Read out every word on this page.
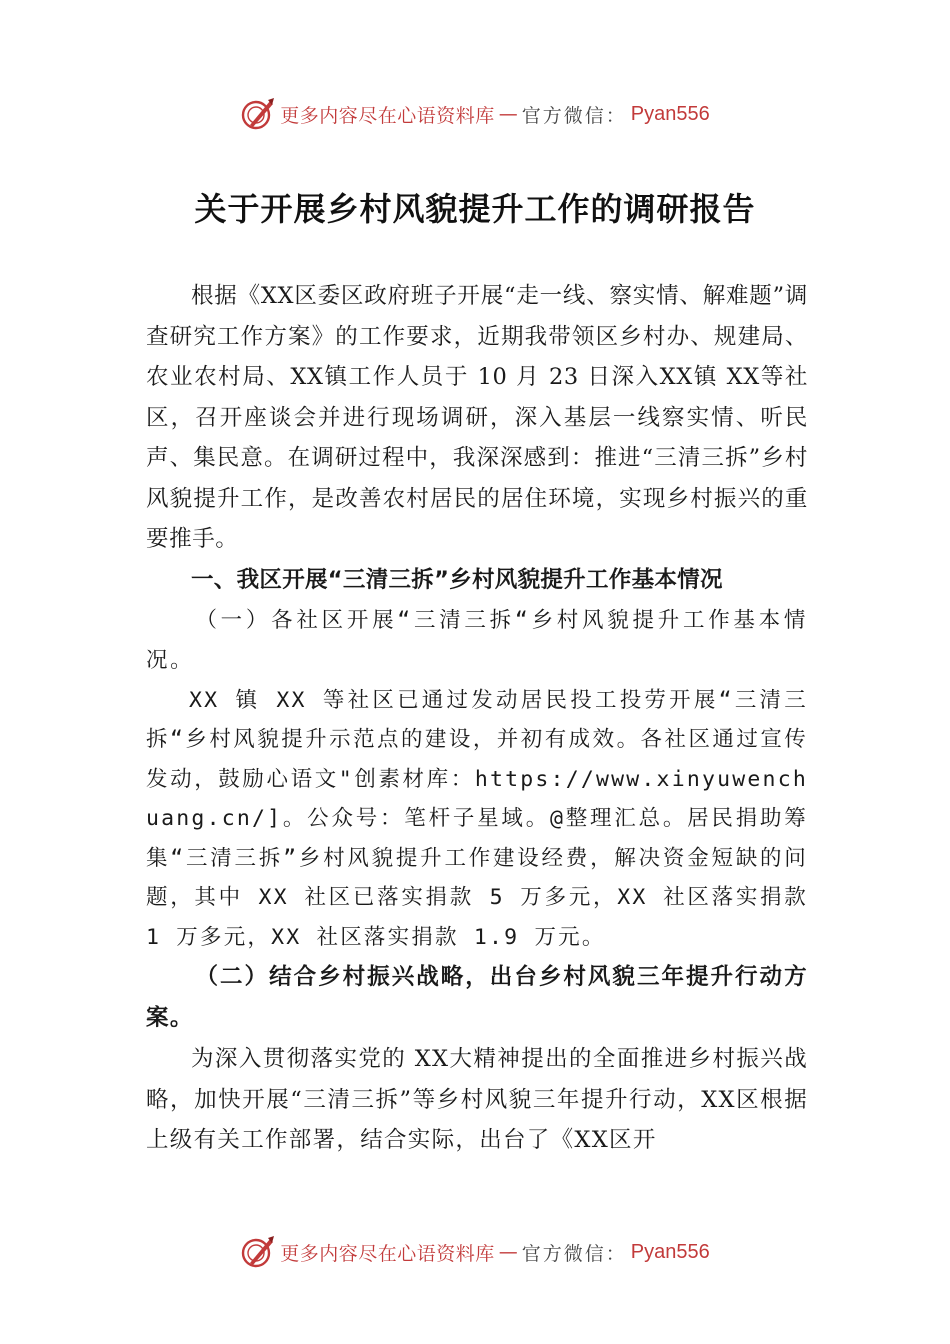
更多内容尽在心语资料库 — 官方微信： Pyan556
关于开展乡村风貌提升工作的调研报告

根据《XX区委区政府班子开展“走一线、察实情、解难题”调查研究工作方案》的工作要求，近期我带领区乡村办、规建局、农业农村局、XX镇工作人员于 10 月 23 日深入XX镇 XX等社区，召开座谈会并进行现场调研，深入基层一线察实情、听民声、集民意。在调研过程中，我深深感到：推进“三清三拆”乡村风貌提升工作，是改善农村居民的居住环境，实现乡村振兴的重要推手。

一、我区开展“三清三拆”乡村风貌提升工作基本情况

（一）各社区开展“三清三拆“乡村风貌提升工作基本情况。

XX 镇 XX 等社区已通过发动居民投工投劳开展“三清三拆“乡村风貌提升示范点的建设，并初有成效。各社区通过宣传发动，鼓励心语文"创素材库：https://www.xinyuwenchuang.cn/]。公众号：笔杆子星域。@整理汇总。居民捐助筹集“三清三拆”乡村风貌提升工作建设经费，解决资金短缺的问题，其中 XX 社区已落实捐款 5 万多元，XX 社区落实捐款 1 万多元，XX 社区落实捐款 1.9 万元。

（二）结合乡村振兴战略，出台乡村风貌三年提升行动方案。

为深入贯彻落实党的 XX大精神提出的全面推进乡村振兴战略，加快开展“三清三拆”等乡村风貌三年提升行动，XX区根据上级有关工作部署，结合实际，出台了《XX区开

更多内容尽在心语资料库 — 官方微信： Pyan556
